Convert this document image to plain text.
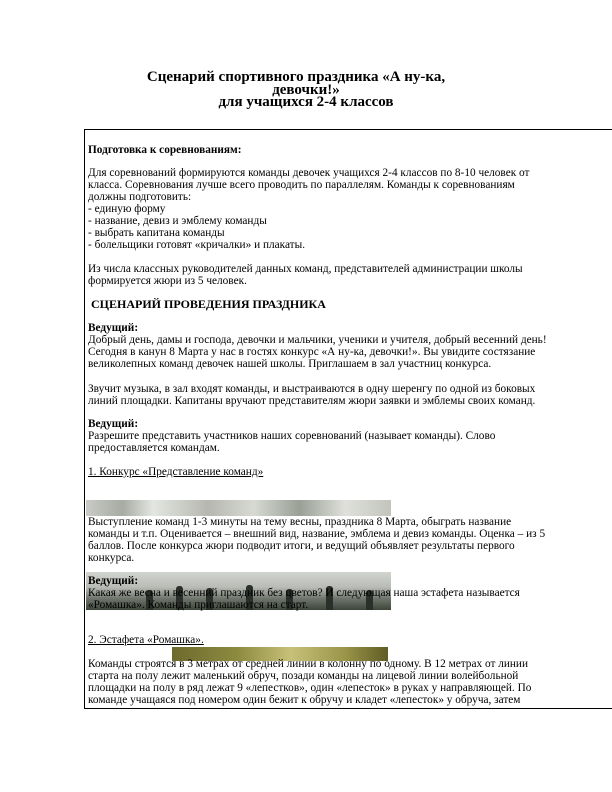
Сценарий спортивного праздника «А ну-ка,
девочки!»
для учащихся 2-4 классов
Подготовка к соревнованиям:
Для соревнований формируются команды девочек учащихся 2-4 классов по 8-10 человек от
класса. Соревнования лучше всего проводить по параллелям. Команды к соревнованиям
должны подготовить:
- единую форму
- название, девиз и эмблему команды
- выбрать капитана команды
- болельщики готовят «кричалки» и плакаты.
Из числа классных руководителей данных команд, представителей администрации школы
формируется жюри из 5 человек.
СЦЕНАРИЙ ПРОВЕДЕНИЯ ПРАЗДНИКА
Ведущий:
Добрый день, дамы и господа, девочки и мальчики, ученики и учителя, добрый весенний день!
Сегодня в канун 8 Марта у нас в гостях конкурс «А ну-ка, девочки!». Вы увидите состязание
великолепных команд девочек нашей школы. Приглашаем в зал участниц конкурса.
Звучит музыка, в зал входят команды, и выстраиваются в одну шеренгу по одной из боковых
линий площадки. Капитаны вручают представителям жюри заявки и эмблемы своих команд.
Ведущий:
Разрешите представить участников наших соревнований (называет команды). Слово
предоставляется командам.
1. Конкурс «Представление команд»
Выступление команд 1-3 минуты на тему весны, праздника 8 Марта, обыграть название
команды и т.п. Оценивается – внешний вид, название, эмблема и девиз команды. Оценка – из 5
баллов. После конкурса жюри подводит итоги, и ведущий объявляет результаты первого
конкурса.
Ведущий:
Какая же весна и весенний праздник без цветов? И следующая наша эстафета называется
«Ромашка». Команды приглашаются на старт.
2. Эстафета «Ромашка».
Команды строятся в 3 метрах от средней линии в колонну по одному. В 12 метрах от линии
старта на полу лежит маленький обруч, позади команды на лицевой линии волейбольной
площадки на полу в ряд лежат 9 «лепестков», один «лепесток» в руках у направляющей. По
команде учащаяся под номером один бежит к обручу и кладет «лепесток» у обруча, затем
